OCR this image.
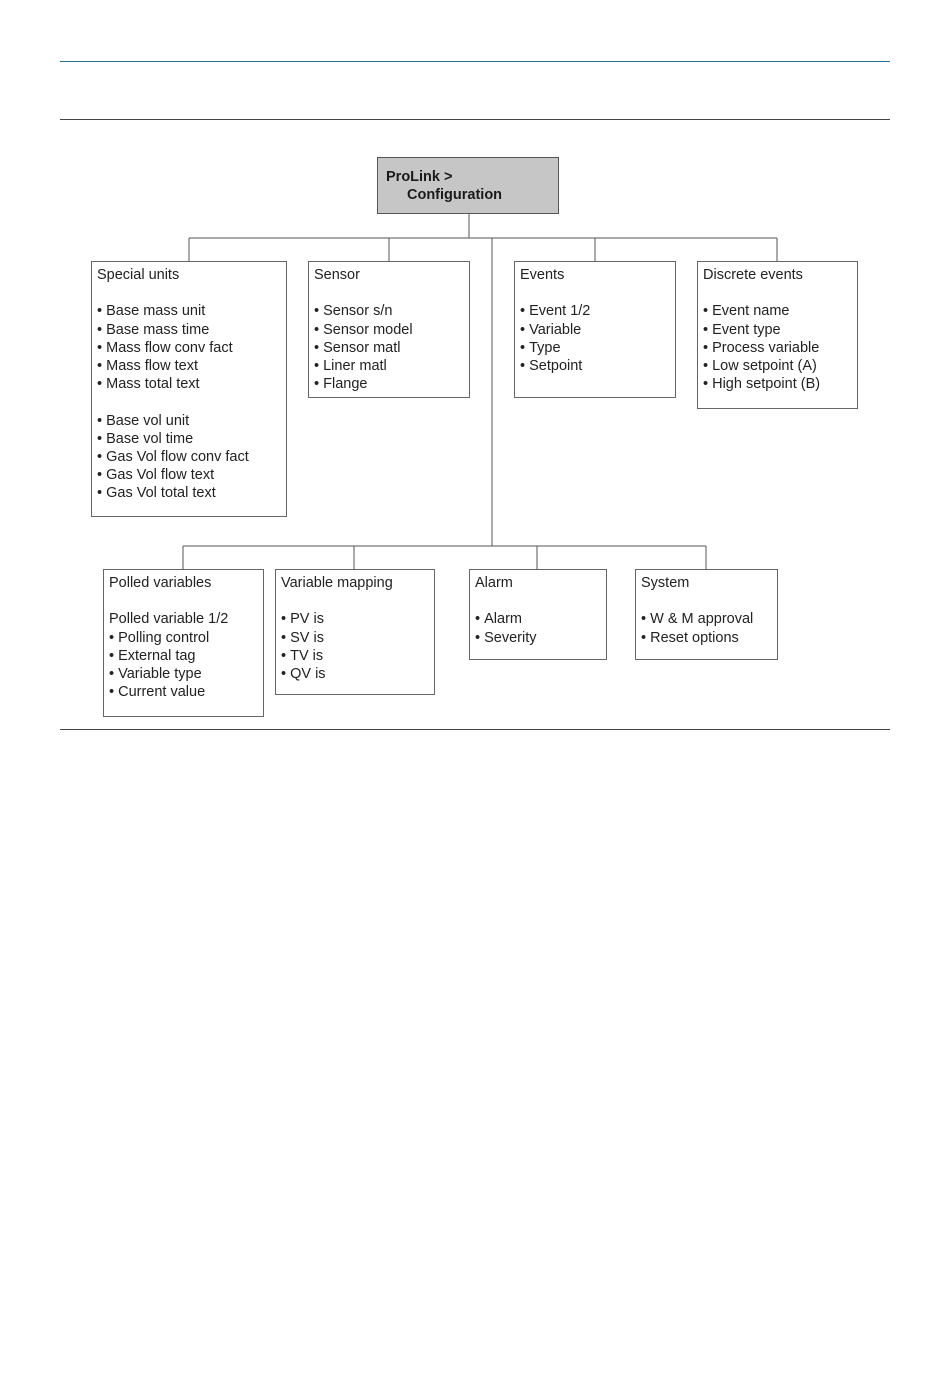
ProLink >
Configuration
Special units
• Base mass unit
• Base mass time
• Mass flow conv fact
• Mass flow text
• Mass total text
• Base vol unit
• Base vol time
• Gas Vol flow conv fact
• Gas Vol flow text
• Gas Vol total text
Sensor
• Sensor s/n
• Sensor model
• Sensor matl
• Liner matl
• Flange
Events
• Event 1/2
• Variable
• Type
• Setpoint
Discrete events
• Event name
• Event type
• Process variable
• Low setpoint (A)
• High setpoint (B)
Polled variables
Polled variable 1/2
• Polling control
• External tag
• Variable type
• Current value
Variable mapping
• PV is
• SV is
• TV is
• QV is
Alarm
• Alarm
• Severity
System
• W & M approval
• Reset options
